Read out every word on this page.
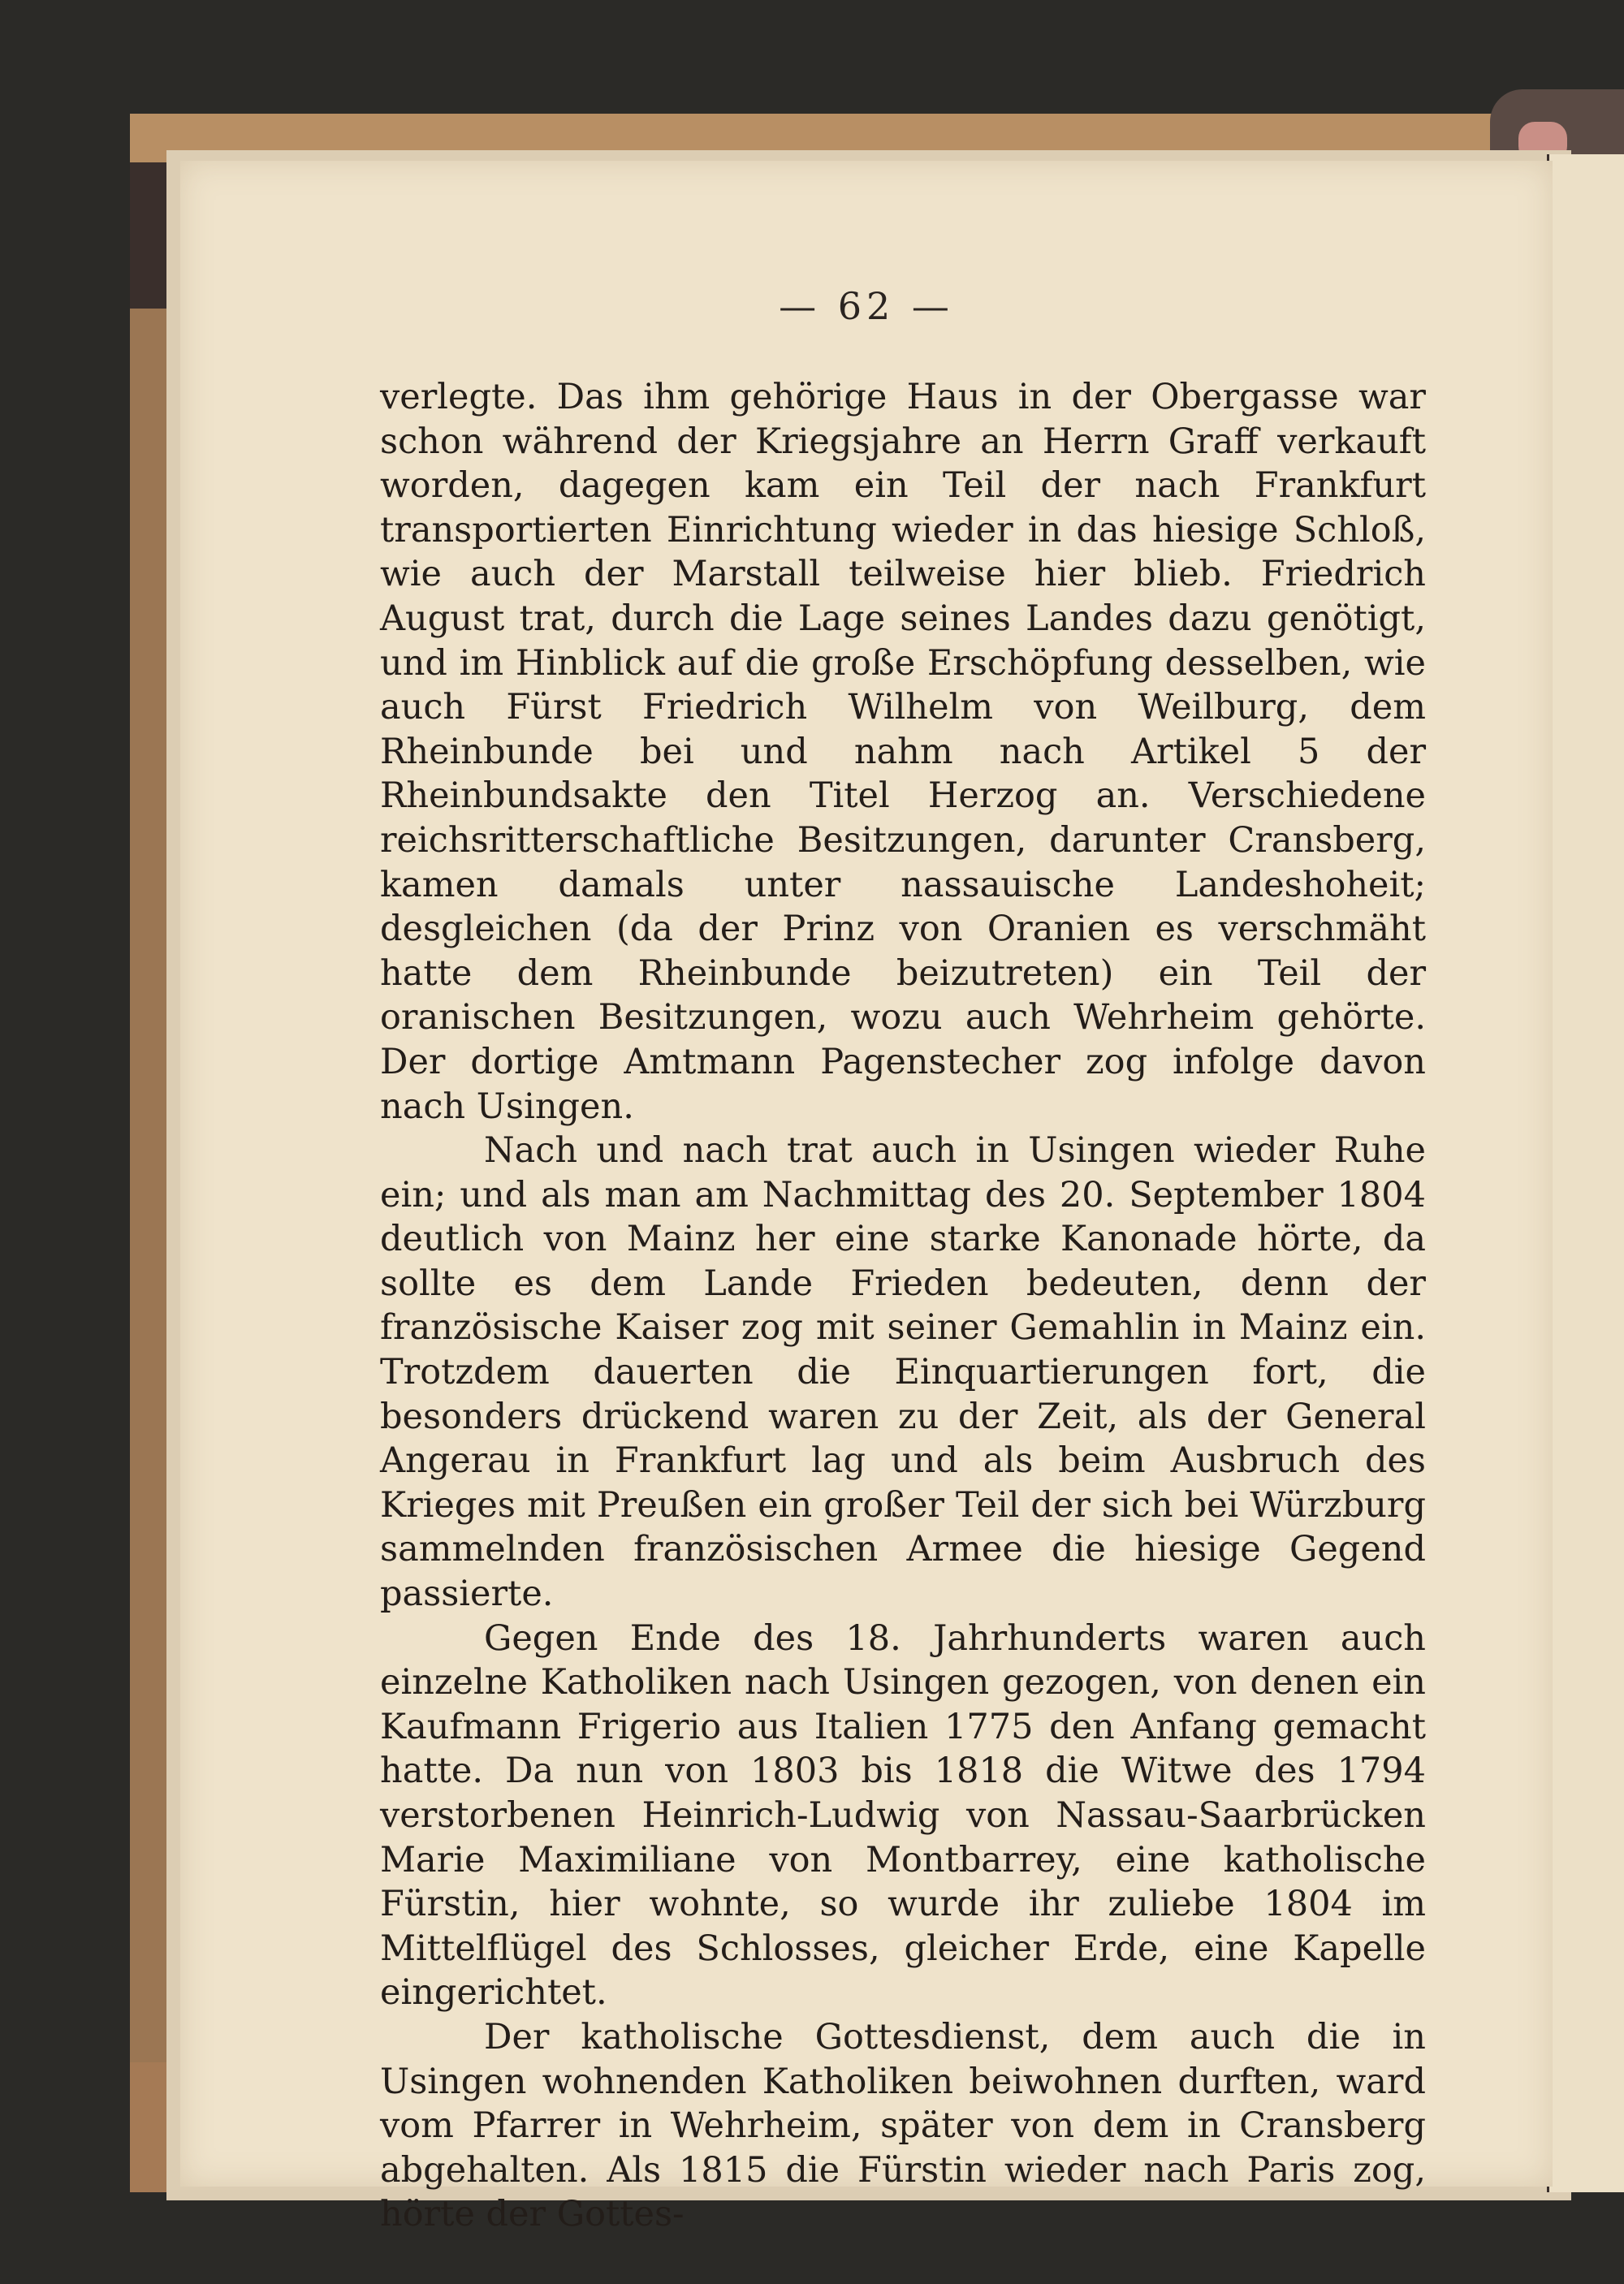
— 62 —

verlegte. Das ihm gehörige Haus in der Obergasse war schon während der Kriegsjahre an Herrn Graff verkauft worden, dagegen kam ein Teil der nach Frankfurt transportierten Einrichtung wieder in das hiesige Schloß, wie auch der Marstall teilweise hier blieb. Friedrich August trat, durch die Lage seines Landes dazu genötigt, und im Hinblick auf die große Erschöpfung desselben, wie auch Fürst Friedrich Wilhelm von Weilburg, dem Rheinbunde bei und nahm nach Artikel 5 der Rheinbundsakte den Titel Herzog an. Verschiedene reichsritterschaftliche Besitzungen, darunter Cransberg, kamen damals unter nassauische Landeshoheit; desgleichen (da der Prinz von Oranien es verschmäht hatte dem Rheinbunde beizutreten) ein Teil der oranischen Besitzungen, wozu auch Wehrheim gehörte. Der dortige Amtmann Pagenstecher zog infolge davon nach Usingen.

Nach und nach trat auch in Usingen wieder Ruhe ein; und als man am Nachmittag des 20. September 1804 deutlich von Mainz her eine starke Kanonade hörte, da sollte es dem Lande Frieden bedeuten, denn der französische Kaiser zog mit seiner Gemahlin in Mainz ein. Trotzdem dauerten die Einquartierungen fort, die besonders drückend waren zu der Zeit, als der General Angerau in Frankfurt lag und als beim Ausbruch des Krieges mit Preußen ein großer Teil der sich bei Würzburg sammelnden französischen Armee die hiesige Gegend passierte.

Gegen Ende des 18. Jahrhunderts waren auch einzelne Katholiken nach Usingen gezogen, von denen ein Kaufmann Frigerio aus Italien 1775 den Anfang gemacht hatte. Da nun von 1803 bis 1818 die Witwe des 1794 verstorbenen Heinrich-Ludwig von Nassau-Saarbrücken Marie Maximiliane von Montbarrey, eine katholische Fürstin, hier wohnte, so wurde ihr zuliebe 1804 im Mittelflügel des Schlosses, gleicher Erde, eine Kapelle eingerichtet.

Der katholische Gottesdienst, dem auch die in Usingen wohnenden Katholiken beiwohnen durften, ward vom Pfarrer in Wehrheim, später von dem in Cransberg abgehalten. Als 1815 die Fürstin wieder nach Paris zog, hörte der Gottes-
